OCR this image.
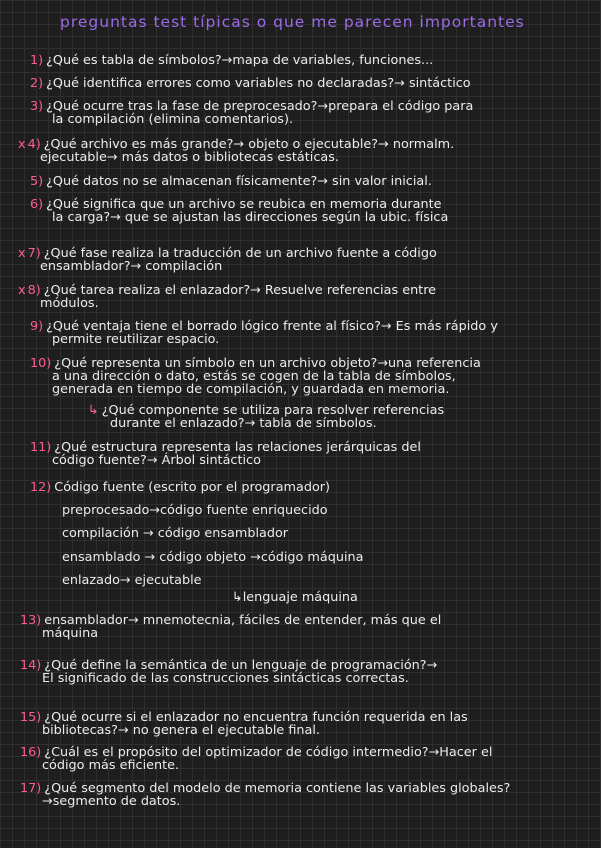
preguntas test típicas o que me parecen importantes
1) ¿Qué es tabla de símbolos?→mapa de variables, funciones...
2) ¿Qué identifica errores como variables no declaradas?→ sintáctico
3) ¿Qué ocurre tras la fase de preprocesado?→prepara el código para
la compilación (elimina comentarios).
x 4) ¿Qué archivo es más grande?→ objeto o ejecutable?→ normalm.
ejecutable→ más datos o bibliotecas estáticas.
5) ¿Qué datos no se almacenan físicamente?→ sin valor inicial.
6) ¿Qué significa que un archivo se reubica en memoria durante
la carga?→ que se ajustan las direcciones según la ubic. física
x 7) ¿Qué fase realiza la traducción de un archivo fuente a código
ensamblador?→ compilación
x 8) ¿Qué tarea realiza el enlazador?→ Resuelve referencias entre
módulos.
9) ¿Qué ventaja tiene el borrado lógico frente al físico?→ Es más rápido y
permite reutilizar espacio.
10) ¿Qué representa un símbolo en un archivo objeto?→una referencia
a una dirección o dato, estás se cogen de la tabla de símbolos,
generada en tiempo de compilación, y guardada en memoria.
↳ ¿Qué componente se utiliza para resolver referencias
durante el enlazado?→ tabla de símbolos.
11) ¿Qué estructura representa las relaciones jerárquicas del
código fuente?→ Árbol sintáctico
12) Código fuente (escrito por el programador)
preprocesado→código fuente enriquecido
compilación → código ensamblador
ensamblado → código objeto →código máquina
enlazado→ ejecutable
↳lenguaje máquina
13) ensamblador→ mnemotecnia, fáciles de entender, más que el
máquina
14) ¿Qué define la semántica de un lenguaje de programación?→
El significado de las construcciones sintácticas correctas.
15) ¿Qué ocurre si el enlazador no encuentra función requerida en las
bibliotecas?→ no genera el ejecutable final.
16) ¿Cuál es el propósito del optimizador de código intermedio?→Hacer el
código más eficiente.
17) ¿Qué segmento del modelo de memoria contiene las variables globales?
→segmento de datos.
